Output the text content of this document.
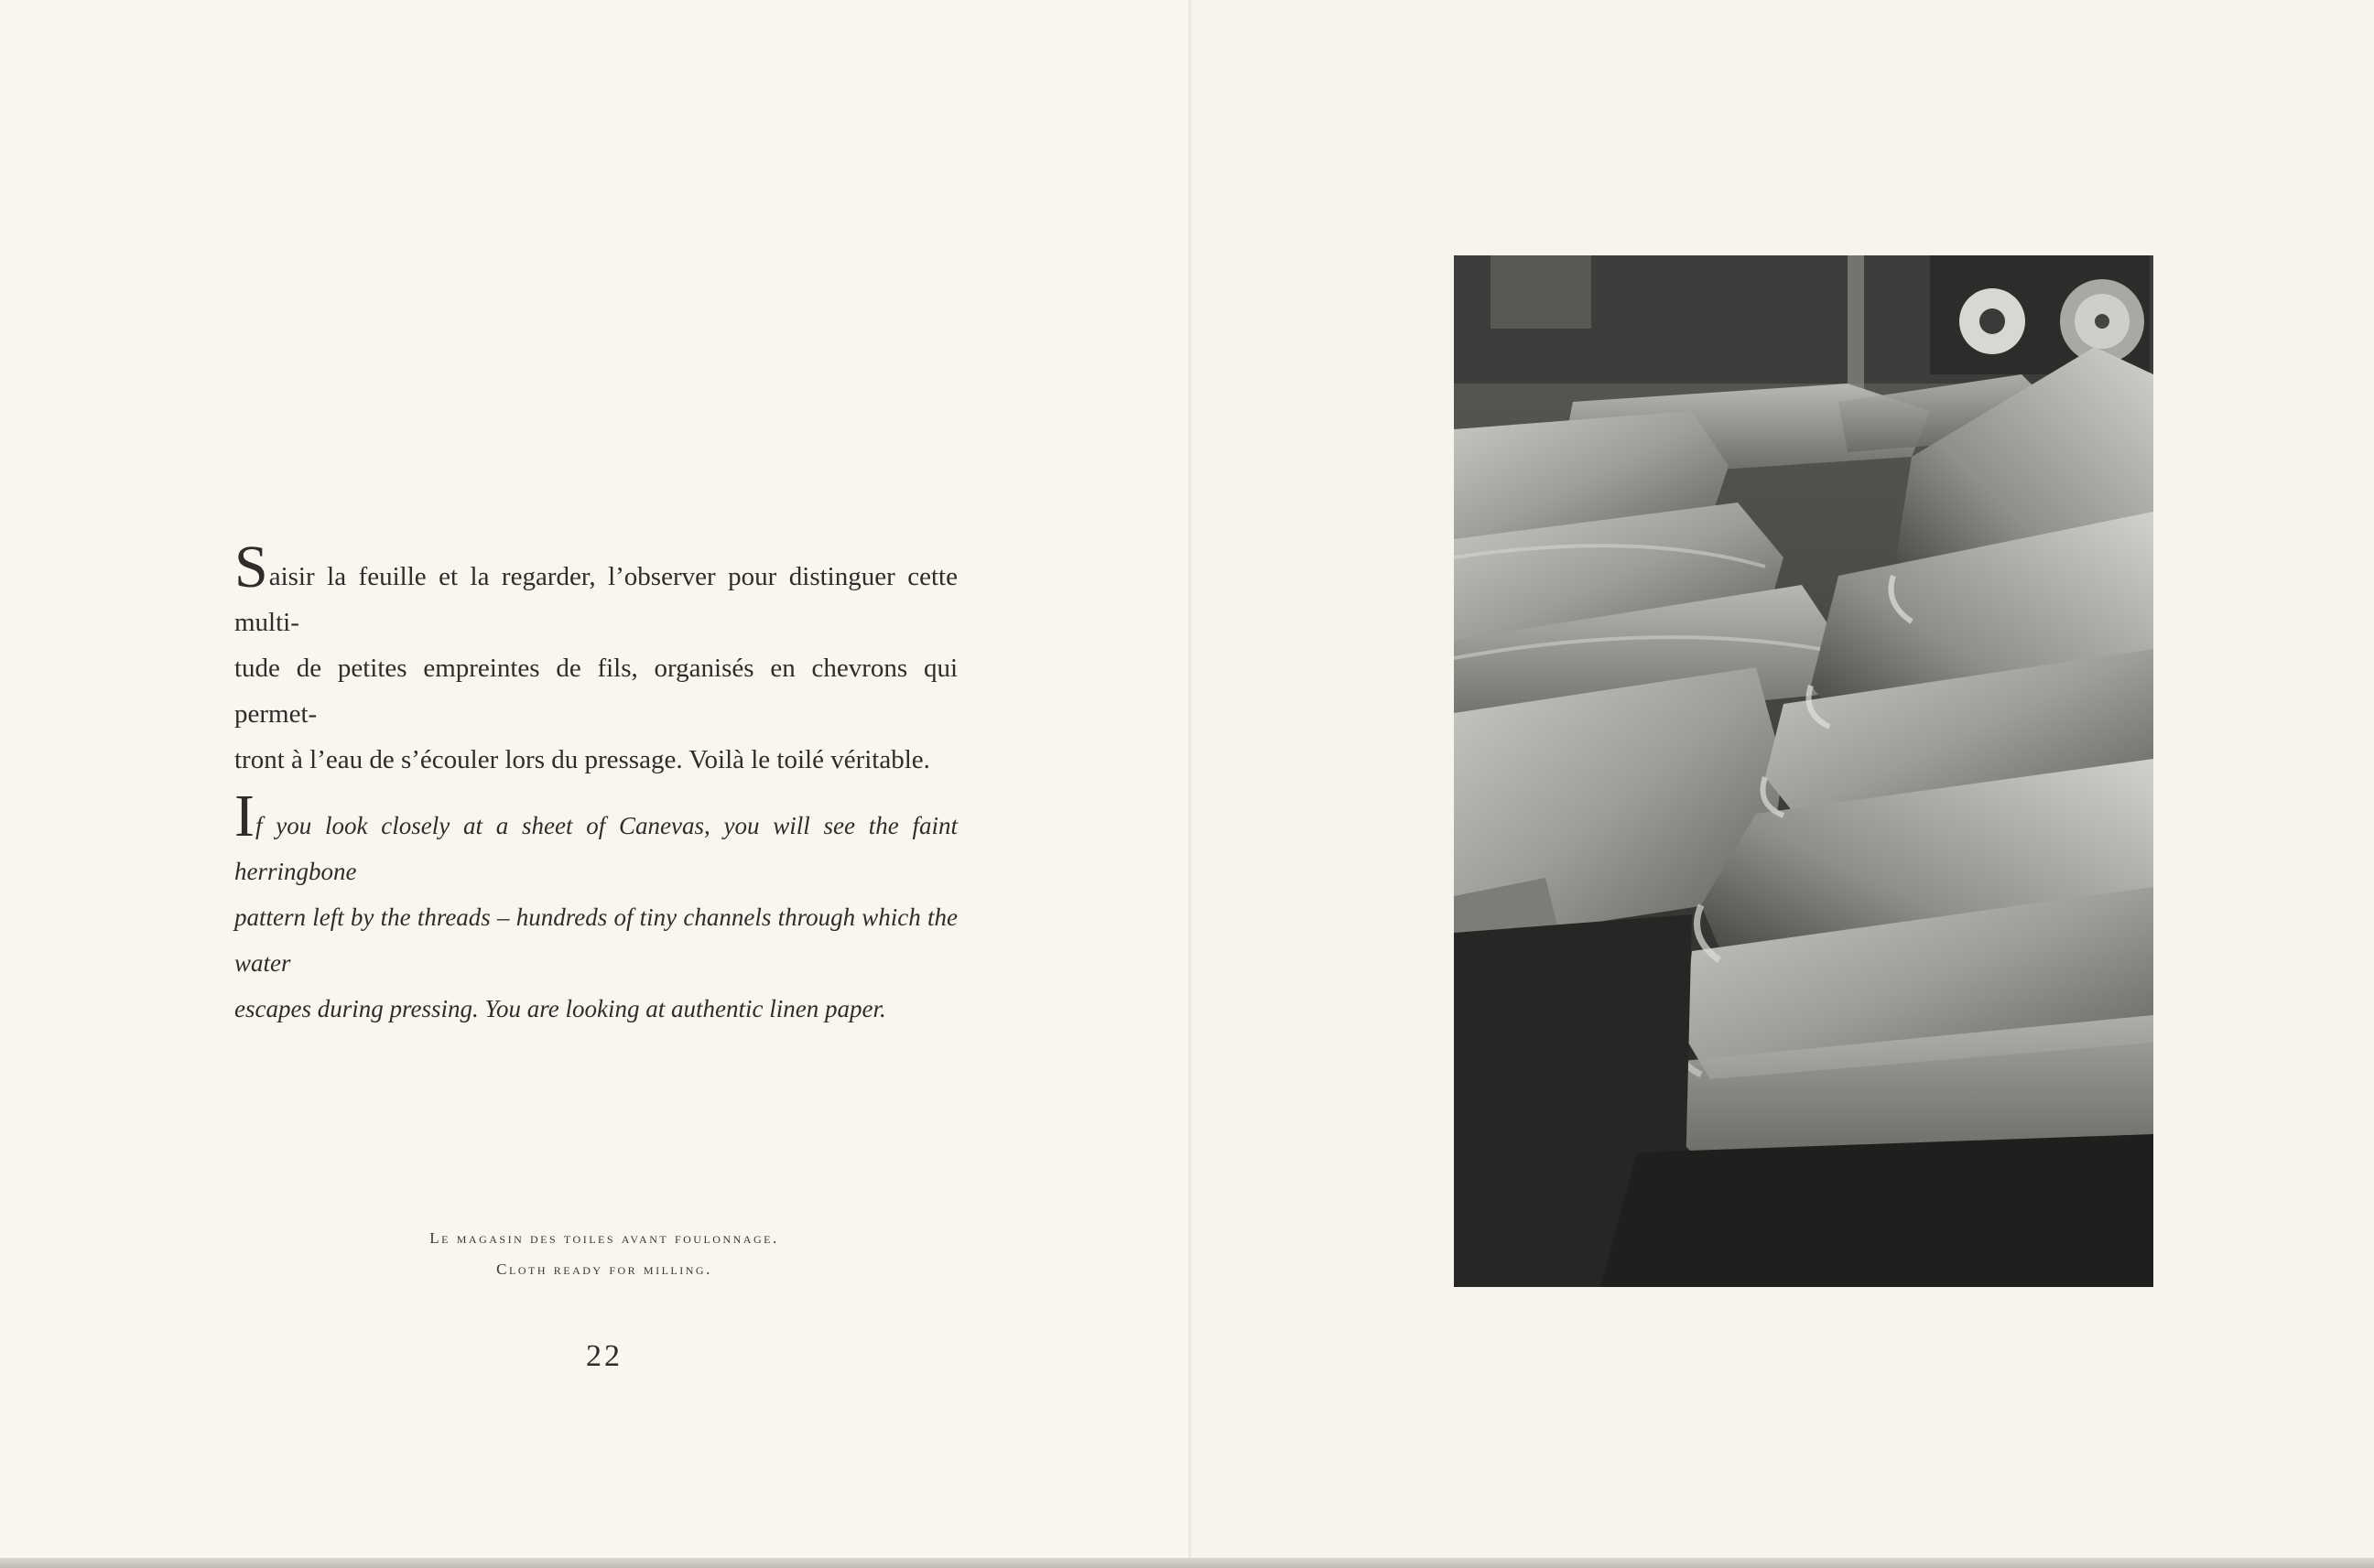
Saisir la feuille et la regarder, l’observer pour distinguer cette multi-
tude de petites empreintes de fils, organisés en chevrons qui permet-
tront à l’eau de s’écouler lors du pressage. Voilà le toilé véritable.

If you look closely at a sheet of Canevas, you will see the faint herringbone
pattern left by the threads – hundreds of tiny channels through which the water
escapes during pressing. You are looking at authentic linen paper.

Le magasin des toiles avant foulonnage.
Cloth ready for milling.
22
